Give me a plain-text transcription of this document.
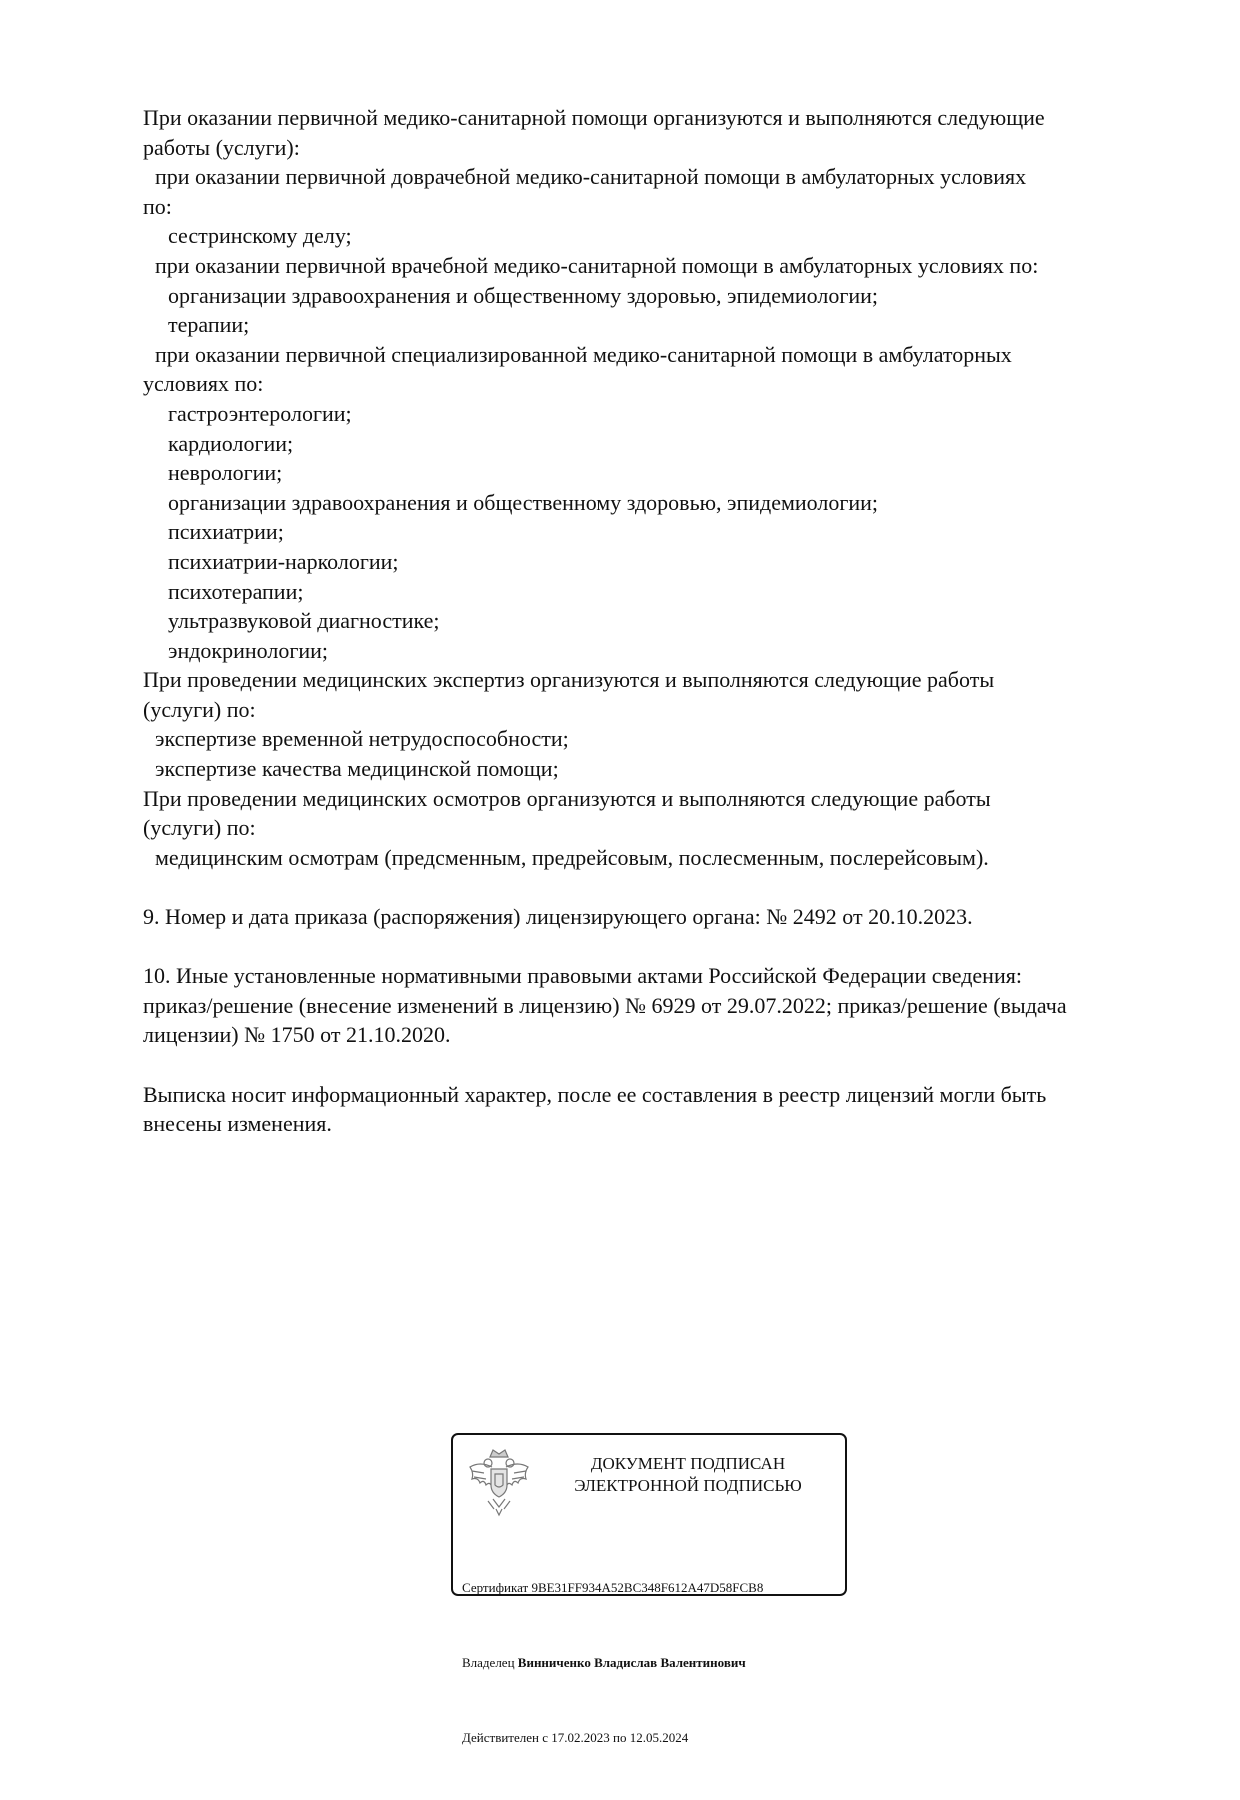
При оказании первичной медико-санитарной помощи организуются и выполняются следующие
работы (услуги):
при оказании первичной доврачебной медико-санитарной помощи в амбулаторных условиях
по:
сестринскому делу;
при оказании первичной врачебной медико-санитарной помощи в амбулаторных условиях по:
организации здравоохранения и общественному здоровью, эпидемиологии;
терапии;
при оказании первичной специализированной медико-санитарной помощи в амбулаторных
условиях по:
гастроэнтерологии;
кардиологии;
неврологии;
организации здравоохранения и общественному здоровью, эпидемиологии;
психиатрии;
психиатрии-наркологии;
психотерапии;
ультразвуковой диагностике;
эндокринологии;
При проведении медицинских экспертиз организуются и выполняются следующие работы
(услуги) по:
экспертизе временной нетрудоспособности;
экспертизе качества медицинской помощи;
При проведении медицинских осмотров организуются и выполняются следующие работы
(услуги) по:
медицинским осмотрам (предсменным, предрейсовым, послесменным, послерейсовым).
9. Номер и дата приказа (распоряжения) лицензирующего органа: № 2492 от 20.10.2023.
10. Иные установленные нормативными правовыми актами Российской Федерации сведения:
приказ/решение (внесение изменений в лицензию) № 6929 от 29.07.2022; приказ/решение (выдача
лицензии) № 1750 от 21.10.2020.
Выписка носит информационный характер, после ее составления в реестр лицензий могли быть
внесены изменения.
ДОКУМЕНТ ПОДПИСАН
ЭЛЕКТРОННОЙ ПОДПИСЬЮ

Сертификат 9BE31FF934A52BC348F612A47D58FCB8

Владелец Винниченко Владислав Валентинович

Действителен с 17.02.2023 по 12.05.2024
